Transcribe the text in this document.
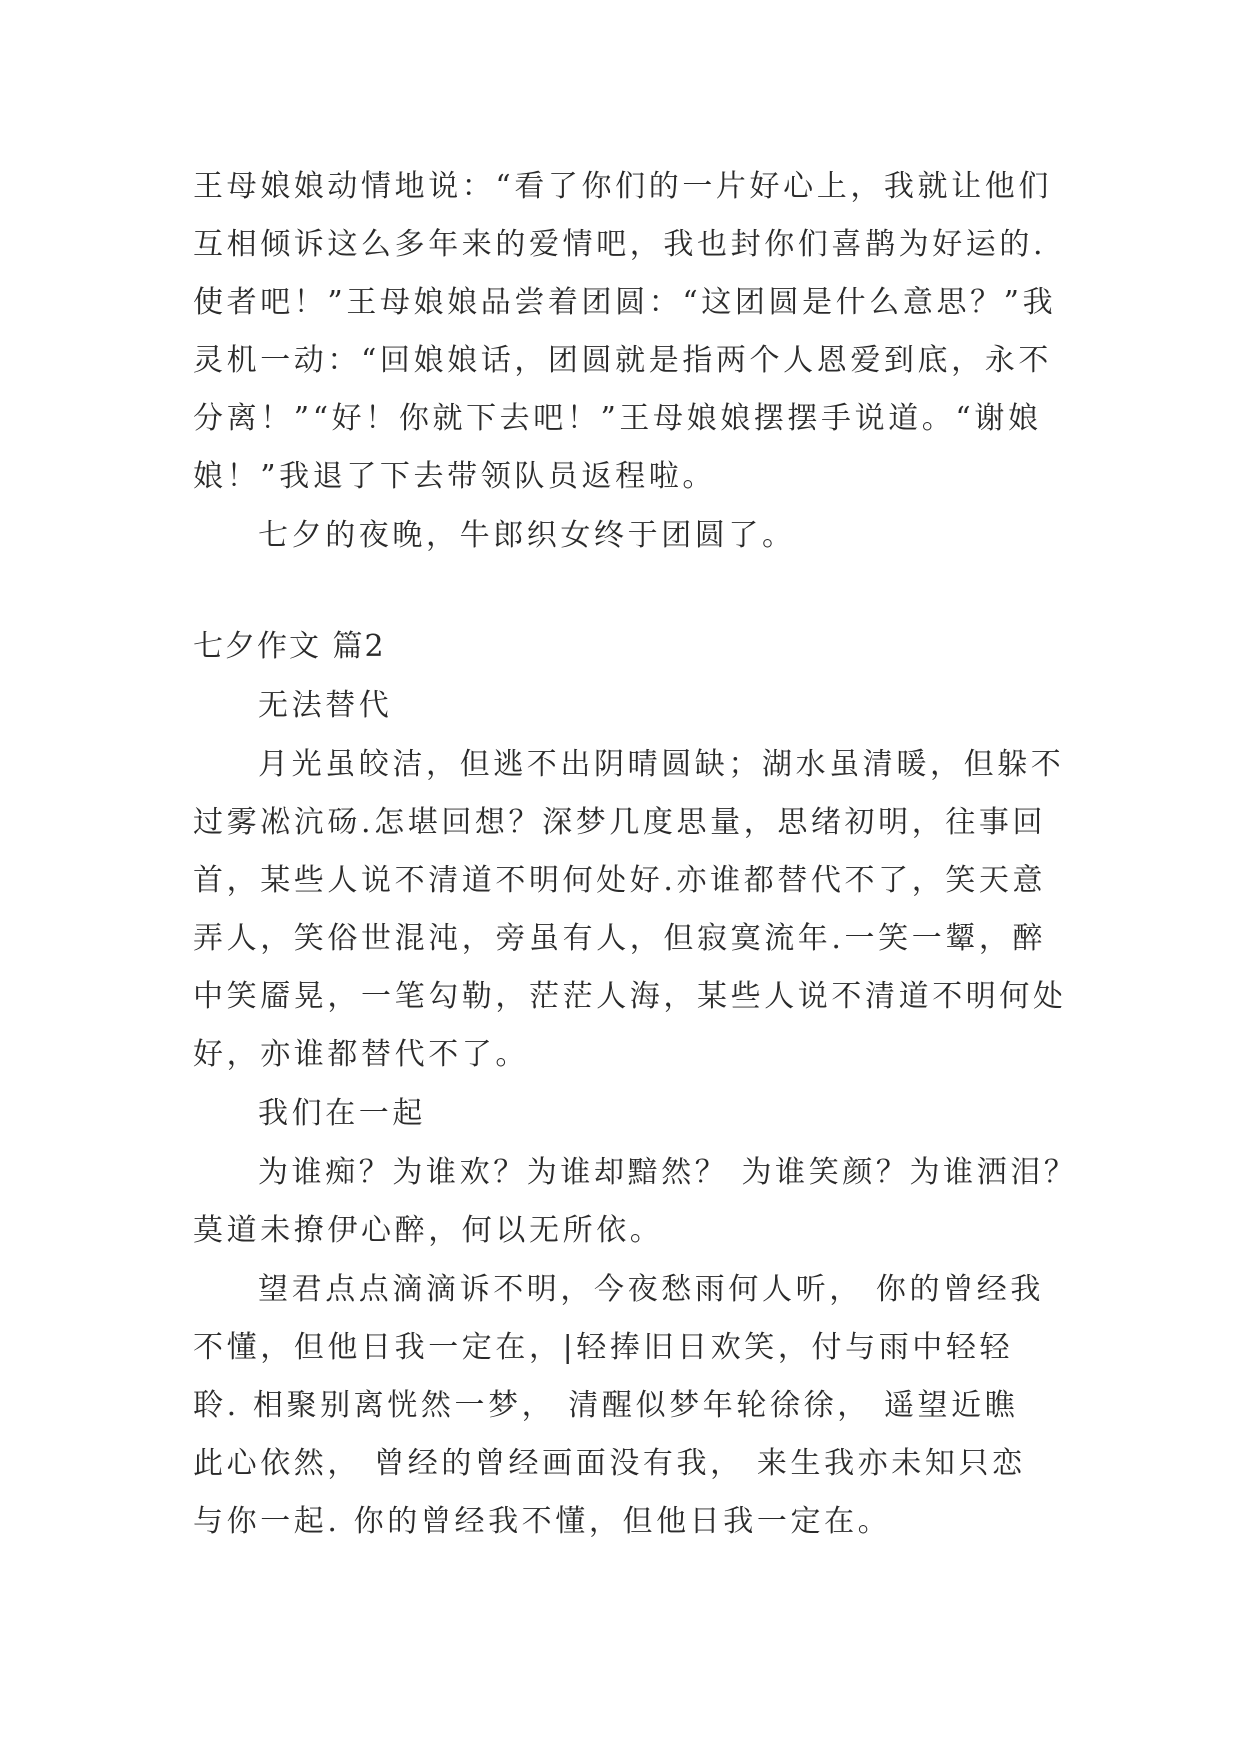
王母娘娘动情地说：“看了你们的一片好心上，我就让他们
互相倾诉这么多年来的爱情吧，我也封你们喜鹊为好运的.
使者吧！”王母娘娘品尝着团圆：“这团圆是什么意思？”我
灵机一动：“回娘娘话，团圆就是指两个人恩爱到底，永不
分离！”“好！你就下去吧！”王母娘娘摆摆手说道。“谢娘
娘！”我退了下去带领队员返程啦。
七夕的夜晚，牛郎织女终于团圆了。
七夕作文 篇2
无法替代
月光虽皎洁，但逃不出阴晴圆缺；湖水虽清暖，但躲不
过雾凇沆砀.怎堪回想？深梦几度思量，思绪初明，往事回
首，某些人说不清道不明何处好.亦谁都替代不了，笑天意
弄人，笑俗世混沌，旁虽有人，但寂寞流年.一笑一颦，醉
中笑靥晃，一笔勾勒，茫茫人海，某些人说不清道不明何处
好，亦谁都替代不了。
我们在一起
为谁痴？为谁欢？为谁却黯然？ 为谁笑颜？为谁洒泪？
莫道未撩伊心醉，何以无所依。
望君点点滴滴诉不明，今夜愁雨何人听， 你的曾经我
不懂，但他日我一定在，|轻捧旧日欢笑，付与雨中轻轻
聆. 相聚别离恍然一梦， 清醒似梦年轮徐徐， 遥望近瞧
此心依然， 曾经的曾经画面没有我， 来生我亦未知只恋
与你一起. 你的曾经我不懂，但他日我一定在。
